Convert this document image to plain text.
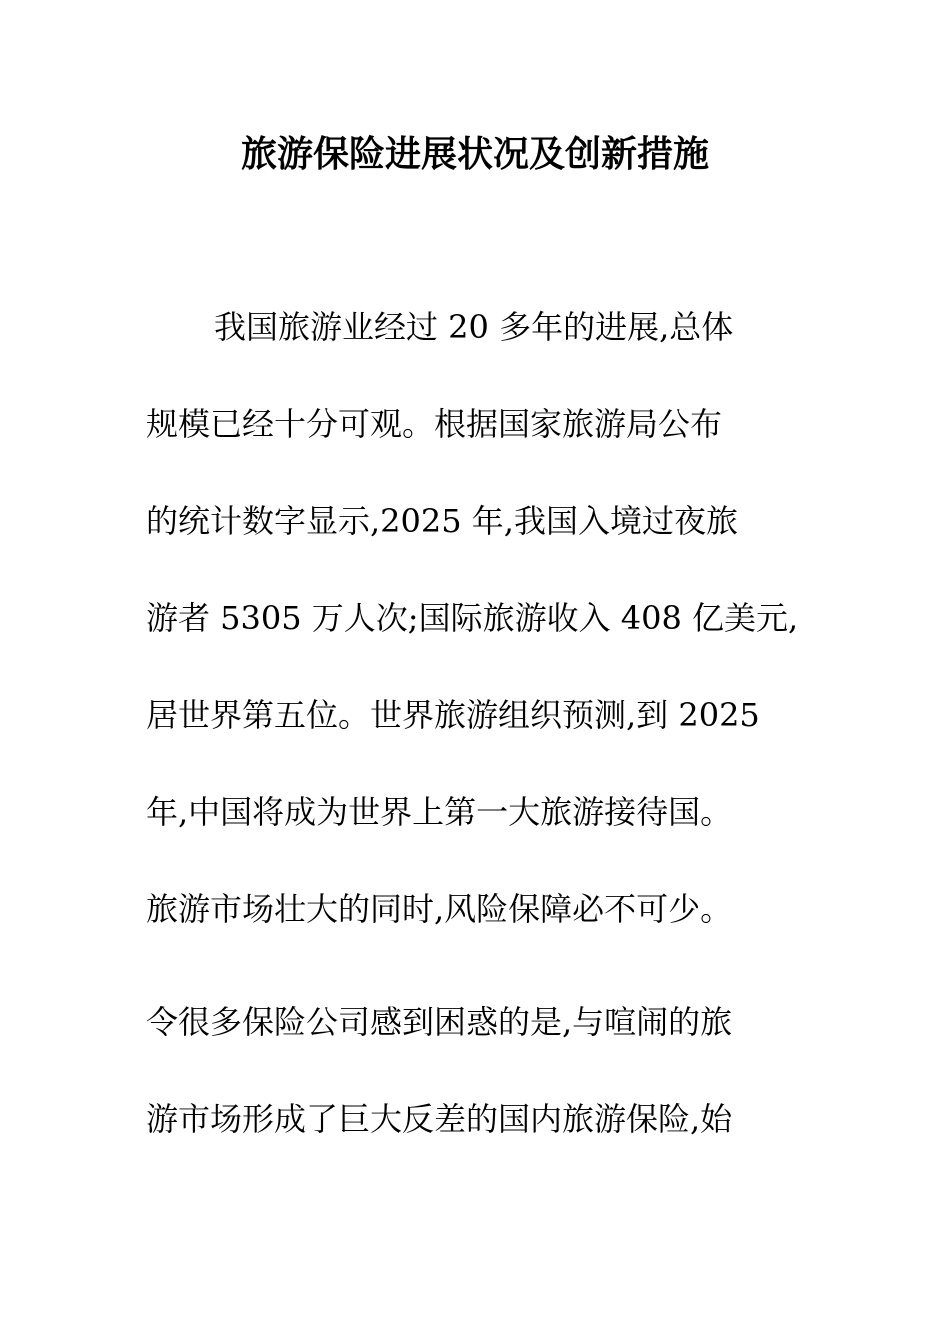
旅游保险进展状况及创新措施
我国旅游业经过 20 多年的进展,总体
规模已经十分可观。根据国家旅游局公布
的统计数字显示,2025 年,我国入境过夜旅
游者 5305 万人次;国际旅游收入 408 亿美元,
居世界第五位。世界旅游组织预测,到 2025
年,中国将成为世界上第一大旅游接待国。
旅游市场壮大的同时,风险保障必不可少。
令很多保险公司感到困惑的是,与喧闹的旅
游市场形成了巨大反差的国内旅游保险,始
